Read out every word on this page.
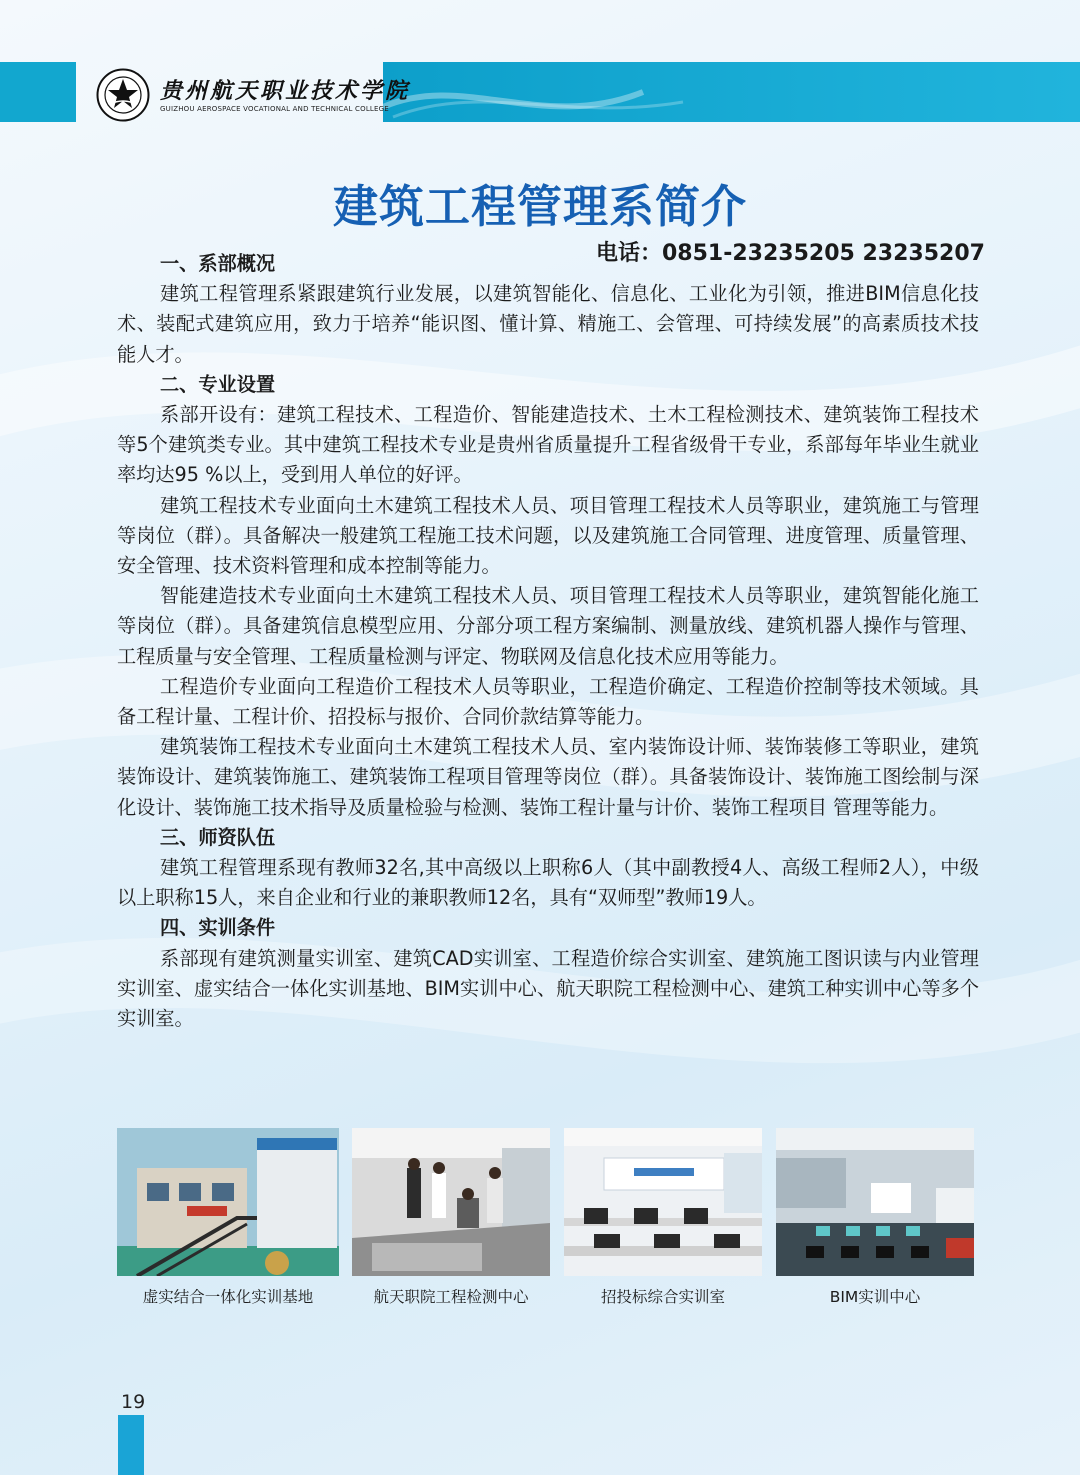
贵州航天职业技术学院
GUIZHOU AEROSPACE VOCATIONAL AND TECHNICAL COLLEGE
建筑工程管理系简介
电话：0851-23235205 23235207
一、系部概况

建筑工程管理系紧跟建筑行业发展，以建筑智能化、信息化、工业化为引领，推进BIM信息化技术、装配式建筑应用，致力于培养“能识图、懂计算、精施工、会管理、可持续发展”的高素质技术技能人才。

二、专业设置

系部开设有：建筑工程技术、工程造价、智能建造技术、土木工程检测技术、建筑装饰工程技术等5个建筑类专业。其中建筑工程技术专业是贵州省质量提升工程省级骨干专业，系部每年毕业生就业率均达95 %以上，受到用人单位的好评。

建筑工程技术专业面向土木建筑工程技术人员、项目管理工程技术人员等职业，建筑施工与管理等岗位（群）。具备解决一般建筑工程施工技术问题，以及建筑施工合同管理、进度管理、质量管理、安全管理、技术资料管理和成本控制等能力。

智能建造技术专业面向土木建筑工程技术人员、项目管理工程技术人员等职业，建筑智能化施工等岗位（群）。具备建筑信息模型应用、分部分项工程方案编制、测量放线、建筑机器人操作与管理、工程质量与安全管理、工程质量检测与评定、物联网及信息化技术应用等能力。

工程造价专业面向工程造价工程技术人员等职业，工程造价确定、工程造价控制等技术领域。具备工程计量、工程计价、招投标与报价、合同价款结算等能力。

建筑装饰工程技术专业面向土木建筑工程技术人员、室内装饰设计师、装饰装修工等职业，建筑装饰设计、建筑装饰施工、建筑装饰工程项目管理等岗位（群）。具备装饰设计、装饰施工图绘制与深化设计、装饰施工技术指导及质量检验与检测、装饰工程计量与计价、装饰工程项目 管理等能力。

三、师资队伍

建筑工程管理系现有教师32名,其中高级以上职称6人（其中副教授4人、高级工程师2人），中级以上职称15人，来自企业和行业的兼职教师12名，具有“双师型”教师19人。

四、实训条件

系部现有建筑测量实训室、建筑CAD实训室、工程造价综合实训室、建筑施工图识读与内业管理实训室、虚实结合一体化实训基地、BIM实训中心、航天职院工程检测中心、建筑工种实训中心等多个实训室。

虚实结合一体化实训基地	航天职院工程检测中心	招投标综合实训室	BIM实训中心
19
